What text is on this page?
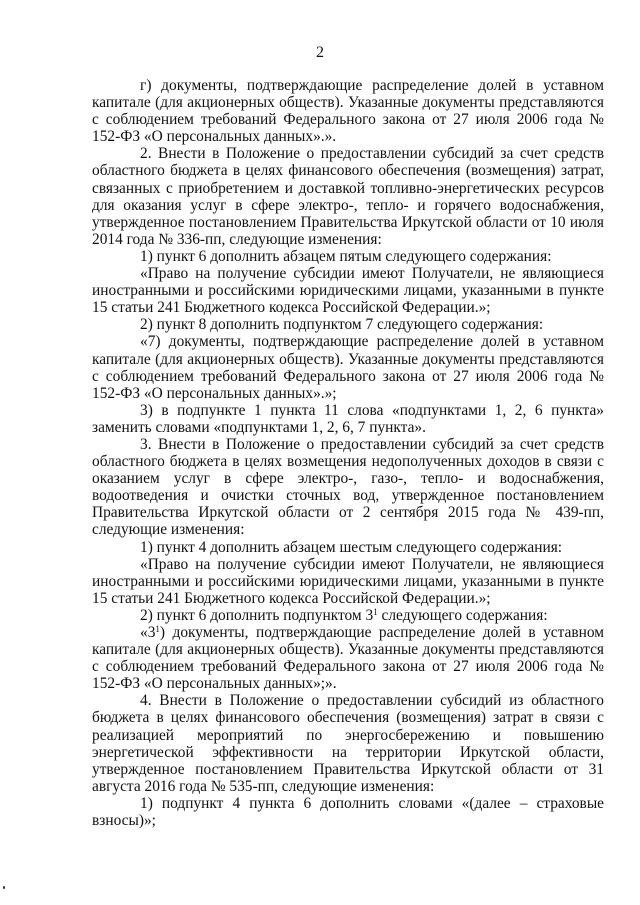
2

г) документы, подтверждающие распределение долей в уставном капитале (для акционерных обществ). Указанные документы представляются с соблюдением требований Федерального закона от 27 июля 2006 года № 152-ФЗ «О персональных данных».».

2. Внести в Положение о предоставлении субсидий за счет средств областного бюджета в целях финансового обеспечения (возмещения) затрат, связанных с приобретением и доставкой топливно-энергетических ресурсов для оказания услуг в сфере электро-, тепло- и горячего водоснабжения, утвержденное постановлением Правительства Иркутской области от 10 июля 2014 года № 336-пп, следующие изменения:

1) пункт 6 дополнить абзацем пятым следующего содержания:

«Право на получение субсидии имеют Получатели, не являющиеся иностранными и российскими юридическими лицами, указанными в пункте 15 статьи 241 Бюджетного кодекса Российской Федерации.»;

2) пункт 8 дополнить подпунктом 7 следующего содержания:

«7) документы, подтверждающие распределение долей в уставном капитале (для акционерных обществ). Указанные документы представляются с соблюдением требований Федерального закона от 27 июля 2006 года № 152-ФЗ «О персональных данных».»;

3) в подпункте 1 пункта 11 слова «подпунктами 1, 2, 6 пункта» заменить словами «подпунктами 1, 2, 6, 7 пункта».

3. Внести в Положение о предоставлении субсидий за счет средств областного бюджета в целях возмещения недополученных доходов в связи с оказанием услуг в сфере электро-, газо-, тепло- и водоснабжения, водоотведения и очистки сточных вод, утвержденное постановлением Правительства Иркутской области от 2 сентября 2015 года № 439-пп, следующие изменения:

1) пункт 4 дополнить абзацем шестым следующего содержания:

«Право на получение субсидии имеют Получатели, не являющиеся иностранными и российскими юридическими лицами, указанными в пункте 15 статьи 241 Бюджетного кодекса Российской Федерации.»;

2) пункт 6 дополнить подпунктом $3^1$ следующего содержания:

«$3^1$) документы, подтверждающие распределение долей в уставном капитале (для акционерных обществ). Указанные документы представляются с соблюдением требований Федерального закона от 27 июля 2006 года № 152-ФЗ «О персональных данных»;».

4. Внести в Положение о предоставлении субсидий из областного бюджета в целях финансового обеспечения (возмещения) затрат в связи с реализацией мероприятий по энергосбережению и повышению энергетической эффективности на территории Иркутской области, утвержденное постановлением Правительства Иркутской области от 31 августа 2016 года № 535-пп, следующие изменения:

1) подпункт 4 пункта 6 дополнить словами «(далее – страховые взносы)»;
